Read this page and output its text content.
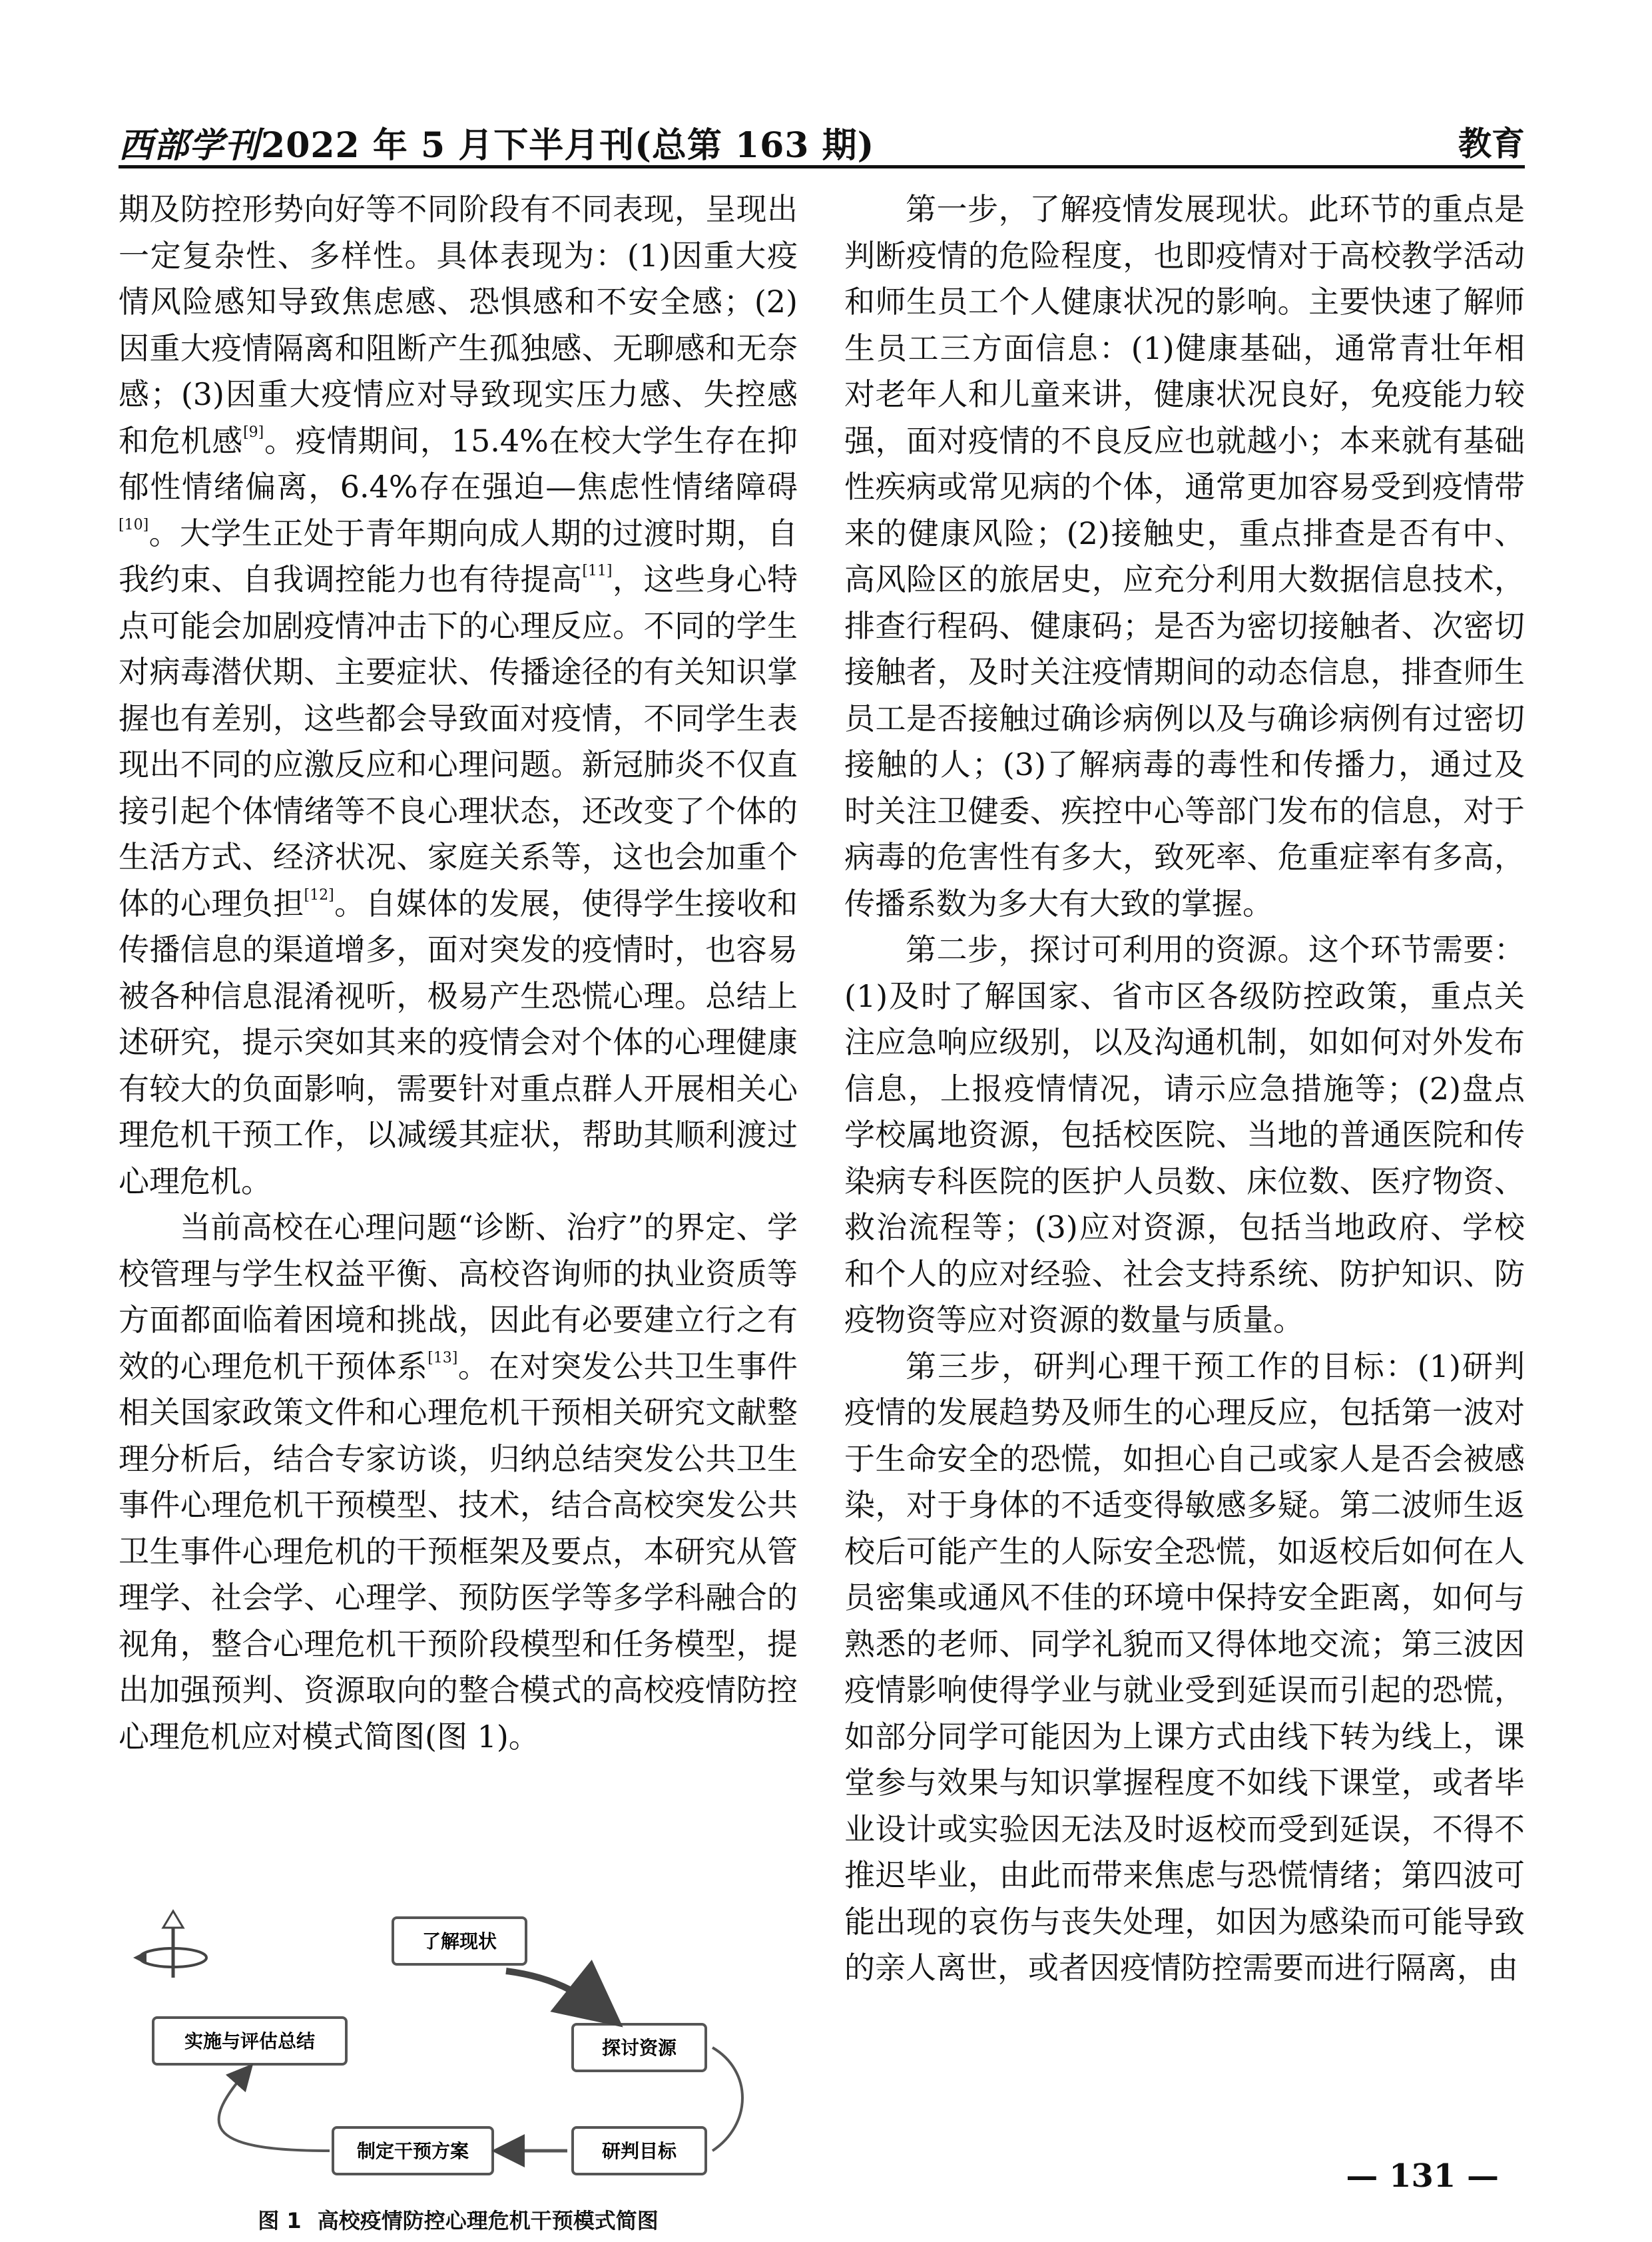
西部学刊2022 年 5 月下半月刊(总第 163 期)	教育

期及防控形势向好等不同阶段有不同表现，呈现出一定复杂性、多样性。具体表现为：(1)因重大疫情风险感知导致焦虑感、恐惧感和不安全感；(2)因重大疫情隔离和阻断产生孤独感、无聊感和无奈感；(3)因重大疫情应对导致现实压力感、失控感和危机感[9]。疫情期间，15.4%在校大学生存在抑郁性情绪偏离，6.4%存在强迫—焦虑性情绪障碍[10]。大学生正处于青年期向成人期的过渡时期，自我约束、自我调控能力也有待提高[11]，这些身心特点可能会加剧疫情冲击下的心理反应。不同的学生对病毒潜伏期、主要症状、传播途径的有关知识掌握也有差别，这些都会导致面对疫情，不同学生表现出不同的应激反应和心理问题。新冠肺炎不仅直接引起个体情绪等不良心理状态，还改变了个体的生活方式、经济状况、家庭关系等，这也会加重个体的心理负担[12]。自媒体的发展，使得学生接收和传播信息的渠道增多，面对突发的疫情时，也容易被各种信息混淆视听，极易产生恐慌心理。总结上述研究，提示突如其来的疫情会对个体的心理健康有较大的负面影响，需要针对重点群人开展相关心理危机干预工作，以减缓其症状，帮助其顺利渡过心理危机。

当前高校在心理问题“诊断、治疗”的界定、学校管理与学生权益平衡、高校咨询师的执业资质等方面都面临着困境和挑战，因此有必要建立行之有效的心理危机干预体系[13]。在对突发公共卫生事件相关国家政策文件和心理危机干预相关研究文献整理分析后，结合专家访谈，归纳总结突发公共卫生事件心理危机干预模型、技术，结合高校突发公共卫生事件心理危机的干预框架及要点，本研究从管理学、社会学、心理学、预防医学等多学科融合的视角，整合心理危机干预阶段模型和任务模型，提出加强预判、资源取向的整合模式的高校疫情防控心理危机应对模式简图(图 1)。

了解现状
探讨资源
研判目标
制定干预方案
实施与评估总结
图 1 高校疫情防控心理危机干预模式简图

第一步，了解疫情发展现状。此环节的重点是判断疫情的危险程度，也即疫情对于高校教学活动和师生员工个人健康状况的影响。主要快速了解师生员工三方面信息：(1)健康基础，通常青壮年相对老年人和儿童来讲，健康状况良好，免疫能力较强，面对疫情的不良反应也就越小；本来就有基础性疾病或常见病的个体，通常更加容易受到疫情带来的健康风险；(2)接触史，重点排查是否有中、高风险区的旅居史，应充分利用大数据信息技术，排查行程码、健康码；是否为密切接触者、次密切接触者，及时关注疫情期间的动态信息，排查师生员工是否接触过确诊病例以及与确诊病例有过密切接触的人；(3)了解病毒的毒性和传播力，通过及时关注卫健委、疾控中心等部门发布的信息，对于病毒的危害性有多大，致死率、危重症率有多高，传播系数为多大有大致的掌握。

第二步，探讨可利用的资源。这个环节需要：(1)及时了解国家、省市区各级防控政策，重点关注应急响应级别，以及沟通机制，如如何对外发布信息，上报疫情情况，请示应急措施等；(2)盘点学校属地资源，包括校医院、当地的普通医院和传染病专科医院的医护人员数、床位数、医疗物资、救治流程等；(3)应对资源，包括当地政府、学校和个人的应对经验、社会支持系统、防护知识、防疫物资等应对资源的数量与质量。

第三步，研判心理干预工作的目标：(1)研判疫情的发展趋势及师生的心理反应，包括第一波对于生命安全的恐慌，如担心自己或家人是否会被感染，对于身体的不适变得敏感多疑。第二波师生返校后可能产生的人际安全恐慌，如返校后如何在人员密集或通风不佳的环境中保持安全距离，如何与熟悉的老师、同学礼貌而又得体地交流；第三波因疫情影响使得学业与就业受到延误而引起的恐慌，如部分同学可能因为上课方式由线下转为线上，课堂参与效果与知识掌握程度不如线下课堂，或者毕业设计或实验因无法及时返校而受到延误，不得不推迟毕业，由此而带来焦虑与恐慌情绪；第四波可能出现的哀伤与丧失处理，如因为感染而可能导致的亲人离世，或者因疫情防控需要而进行隔离，由

— 131 —
